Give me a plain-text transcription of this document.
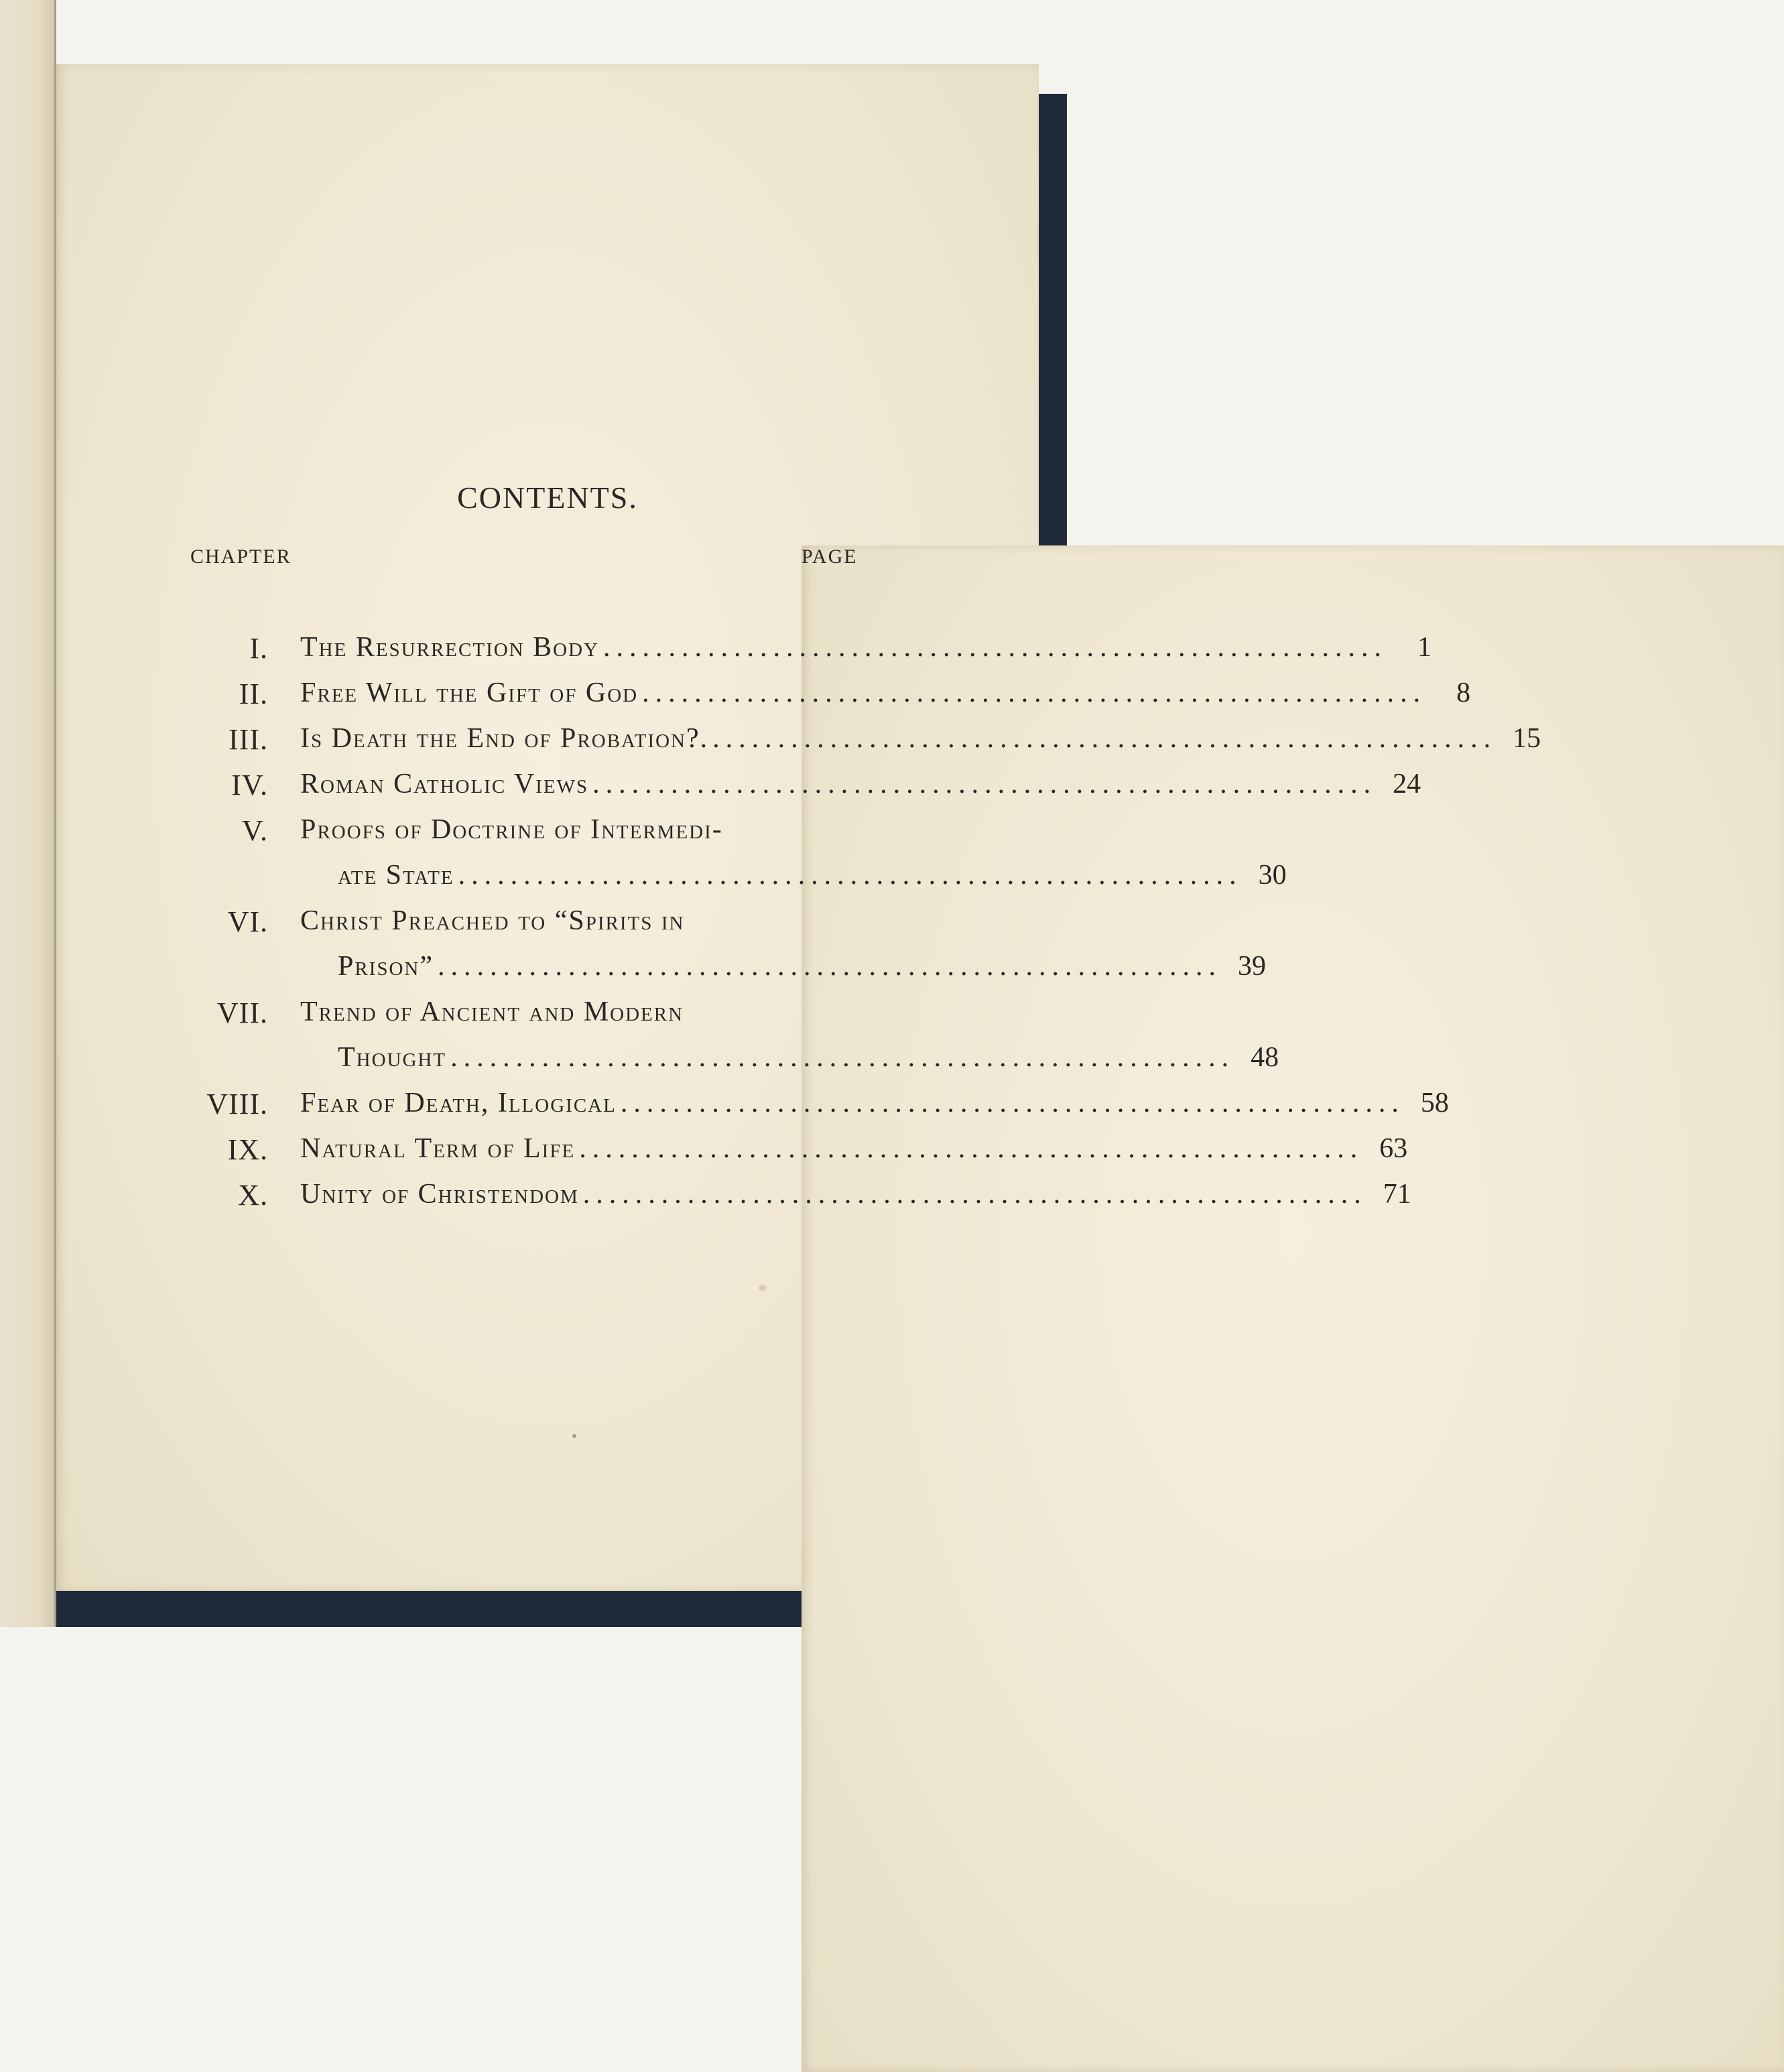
CONTENTS.
CHAPTER	PAGE
I. The Resurrection Body ............................................................	1
II. Free Will the Gift of God ............................................................	8
III. Is Death the End of Probation?. ............................................................ 15
IV. Roman Catholic Views ............................................................ 24
V. Proofs of Doctrine of Intermedi-
ate State ............................................................ 30
VI. Christ Preached to “Spirits in
Prison” ............................................................ 39
VII. Trend of Ancient and Modern
Thought ............................................................ 48
VIII. Fear of Death, Illogical ............................................................ 58
IX. Natural Term of Life ............................................................ 63
X. Unity of Christendom ............................................................ 71
